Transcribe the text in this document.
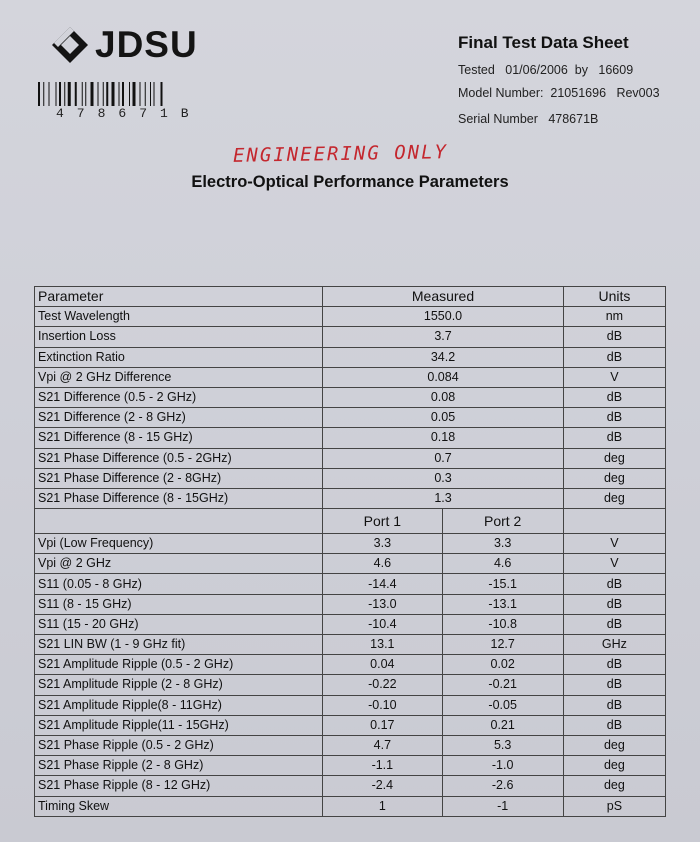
JDSU
478671B
Final Test Data Sheet
Tested 01/06/2006 by 16609
Model Number: 21051696 Rev003
Serial Number 478671B
ENGINEERING ONLY
Electro-Optical Performance Parameters
Parameter	Measured		Units
Test Wavelength	1550.0		nm
Insertion Loss	3.7		dB
Extinction Ratio	34.2		dB
Vpi @ 2 GHz Difference	0.084		V
S21 Difference (0.5 - 2 GHz)	0.08		dB
S21 Difference (2 - 8 GHz)	0.05		dB
S21 Difference (8 - 15 GHz)	0.18		dB
S21 Phase Difference (0.5 - 2GHz)	0.7		deg
S21 Phase Difference (2 - 8GHz)	0.3		deg
S21 Phase Difference (8 - 15GHz)	1.3		deg
	Port 1	Port 2	
Vpi (Low Frequency)	3.3	3.3	V
Vpi @ 2 GHz	4.6	4.6	V
S11 (0.05 - 8 GHz)	-14.4	-15.1	dB
S11 (8 - 15 GHz)	-13.0	-13.1	dB
S11 (15 - 20 GHz)	-10.4	-10.8	dB
S21 LIN BW (1 - 9 GHz fit)	13.1	12.7	GHz
S21 Amplitude Ripple (0.5 - 2 GHz)	0.04	0.02	dB
S21 Amplitude Ripple (2 - 8 GHz)	-0.22	-0.21	dB
S21 Amplitude Ripple(8 - 11GHz)	-0.10	-0.05	dB
S21 Amplitude Ripple(11 - 15GHz)	0.17	0.21	dB
S21 Phase Ripple (0.5 - 2 GHz)	4.7	5.3	deg
S21 Phase Ripple (2 - 8 GHz)	-1.1	-1.0	deg
S21 Phase Ripple (8 - 12 GHz)	-2.4	-2.6	deg
Timing Skew	1	-1	pS
